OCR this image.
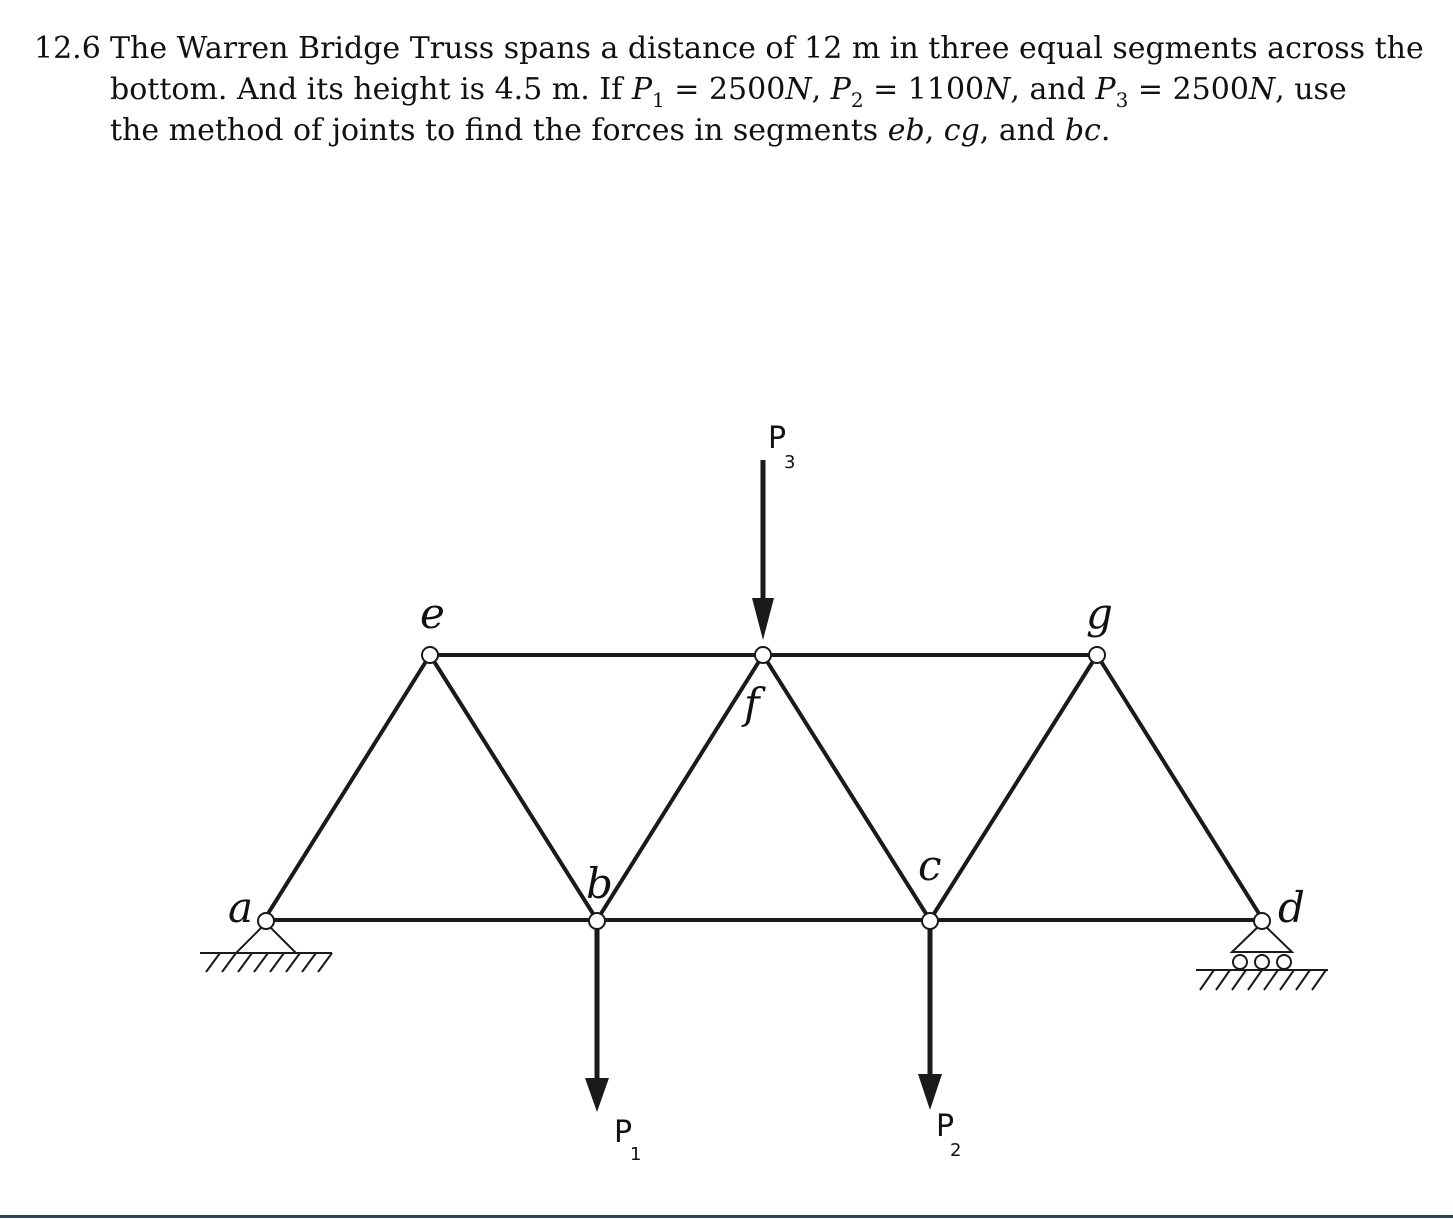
12.6 The Warren Bridge Truss spans a distance of 12 m in three equal segments across the
bottom. And its height is 4.5 m. If $P_1 = 2500N$, $P_2 = 1100N$, and $P_3 = 2500N$, use
the method of joints to find the forces in segments eb, cg, and bc.
a	b	c
d
e
f
g
P
3
P
1
P
2
